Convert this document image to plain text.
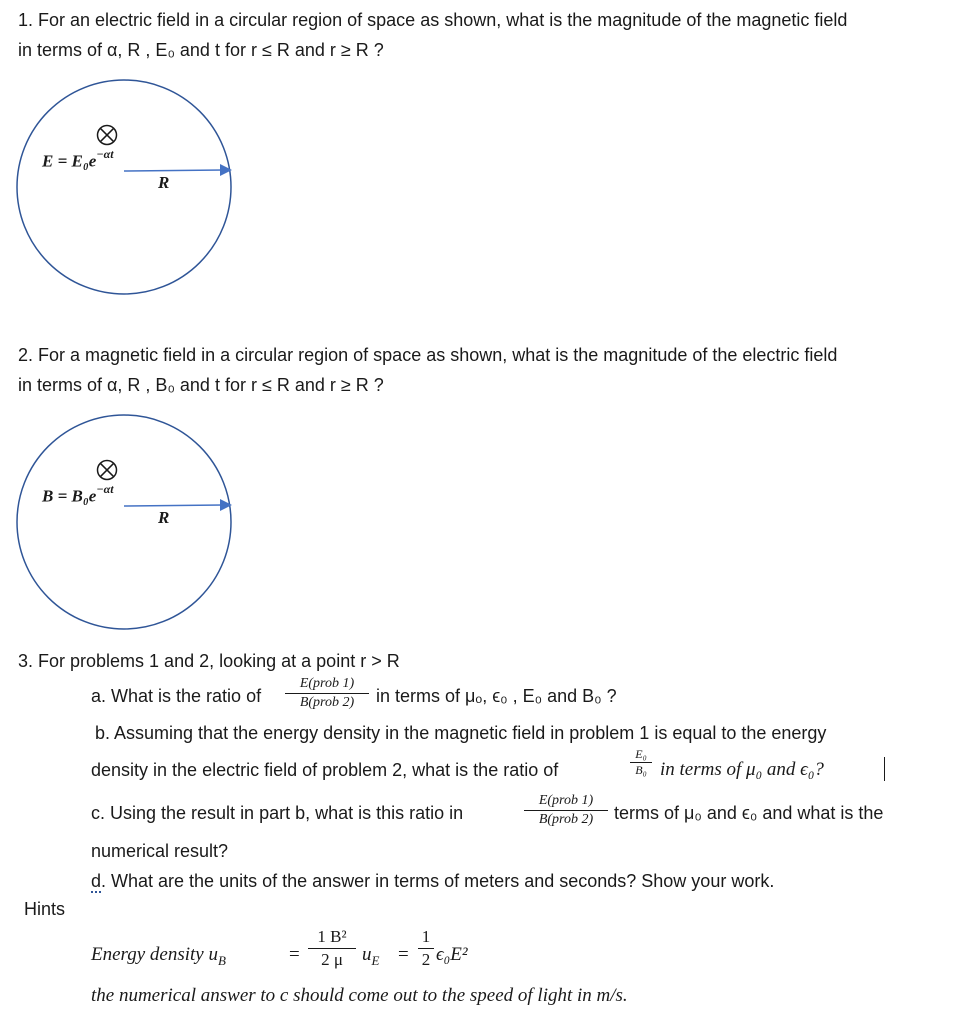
1. For an electric field in a circular region of space as shown, what is the magnitude of the magnetic field
in terms of α, R , E₀ and t for r ≤ R and r ≥ R ?
$E = E_0e^{-\alpha t}$
R
2. For a magnetic field in a circular region of space as shown, what is the magnitude of the electric field
in terms of α, R , B₀ and t for r ≤ R and r ≥ R ?
$B = B_0e^{-\alpha t}$
R
3. For problems 1 and 2, looking at a point r > R
a. What is the ratio of
E(prob 1)
B(prob 2)	in terms of μₒ, ϵ₀ , E₀ and B₀ ?
b. Assuming that the energy density in the magnetic field in problem 1 is equal to the energy
density in the electric field of problem 2, what is the ratio of
E₀
B₀ in terms of μ₀ and ϵ₀?
c. Using the result in part b, what is this ratio in
E(prob 1)
B(prob 2)	terms of μ₀ and ϵ₀ and what is the
numerical result?
d. What are the units of the answer in terms of meters and seconds? Show your work.
Hints
Energy density $u_B$	=
1 B²
2 μ	$u_E$ =
1
2 ϵ₀E²
the numerical answer to c should come out to the speed of light in m/s.
